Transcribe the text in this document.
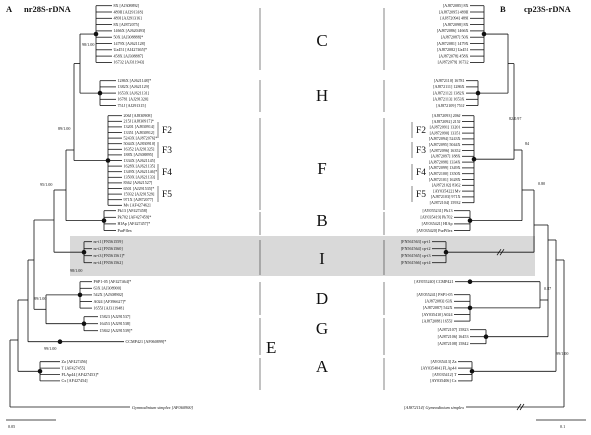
A nr28S-rDNA	B cp23S-rDNA
8X [AJ308892]
489II [AJ291318]
489I [AJ291316]
8X [AJ872075]
1466X [AJ620493]
50X [AJ308888]*
1479X [AJ621128]
Ua451 [AJ427465]*
458X [AJ308887]
16732 [AJ311943]
1286X [AJ621148]*
1382X [AJ621129]
1653X [AJ621131]
16781 [AJ291320]
751J [AJ291315]
206J [AJ830908]
215J [AJ830917]*
13201 [AJ830914]
13351 [AJ830912]
5243X [AJ872076]*
5044X [AJ830910]
16352 [AJ291325]
188X [AJ308895]
1334X [AJ621145]
1628X [AJ621135]
1349X [AJ621146]*
1350X [AJ621133]
8362 [AJ621527]
6501 [AJ291535]*
15932 [AJ291529]
971X [AJ872077]
Mv [AF427462]
Pk13 [AF427458]
Pk702 [AF427459]*
HIAp [AF427457]*
PurPflex
nr-i1 [FN561559]
nr-i2 [FN561560]
nr-i3 [FN561561]*
nr-i4 [FN561562]
PSP1-05 [AF427464]*
63X [AJ308900]
542X [AJ308902]
A024 [AF396627]*
1655J [AJ311948]
15823 [AJ291537]
16453 [AJ291538]
15842 [AJ291539]*
CCMP421 [AF060899]*
Za [AF427456]
T [AF427455]
FLAp44 [AF427453]*
Cx [AF427454]
Gymnodinium simplex [AF060900]
98/1.00
89/1.00
95/1.00
98/1.00
89/1.00
99/1.00
F2
F3
F4
F5
[AJ872085] 8X
[AJ872095] 489II
[AJ872094] 489I
[AJ872098] 8X
[AJ872086] 1466X
[AJ872087] 50X
[AJ872081] 1479X
[AJ872082] Ua451
[AJ872078] 458X
[AJ872079] 16732
[AJ872110] 16781
[AJ872111] 1286X
[AJ872112] 1382X
[AJ872113] 1653X
[AJ872109] 751J
[AJ872093] 206J
[AJ872092] 215J
[AJ872091] 13201
[AJ872090] 13351
[AJ872094] 5243X
[AJ872095] 5044X
[AJ872096] 16352
[AJ872097] 188X
[AJ872098] 1334X
[AJ872099] 1349X
[AJ872100] 1350X
[AJ872101] 1628X
[AJ872102] 8362
[AY035422] Mv
[AJ872103] 971X
[AJ872104] 15932
[AY055231] Pk13
[AY035419] Pk702
[AY035421] HIAp
[AY035420] PurPflex
[FN561563] cp-i1
[FN561564] cp-i2
[FN561565] cp-i3
[FN561566] cp-i4
[AY055240] CCMP421
[AY055241] PSP1-05
[AJ872083] 63X
[AJ872087] 542X
[AY035410] A024
[AJ872088] 1655J
[AJ872107] 15823
[AJ872106] 16453
[AJ872108] 15842
[AY035413] Za
[AY035404] FLAp44
[AY035412] T
[AY035406] Cx
[AJ872114] Gymnodinium simplex
82/0.97
84
0.80
0.87
99/1.00
F2
F3
F4
F5
C
H
F
B
I
D
G
E
A
0.05	0.1
